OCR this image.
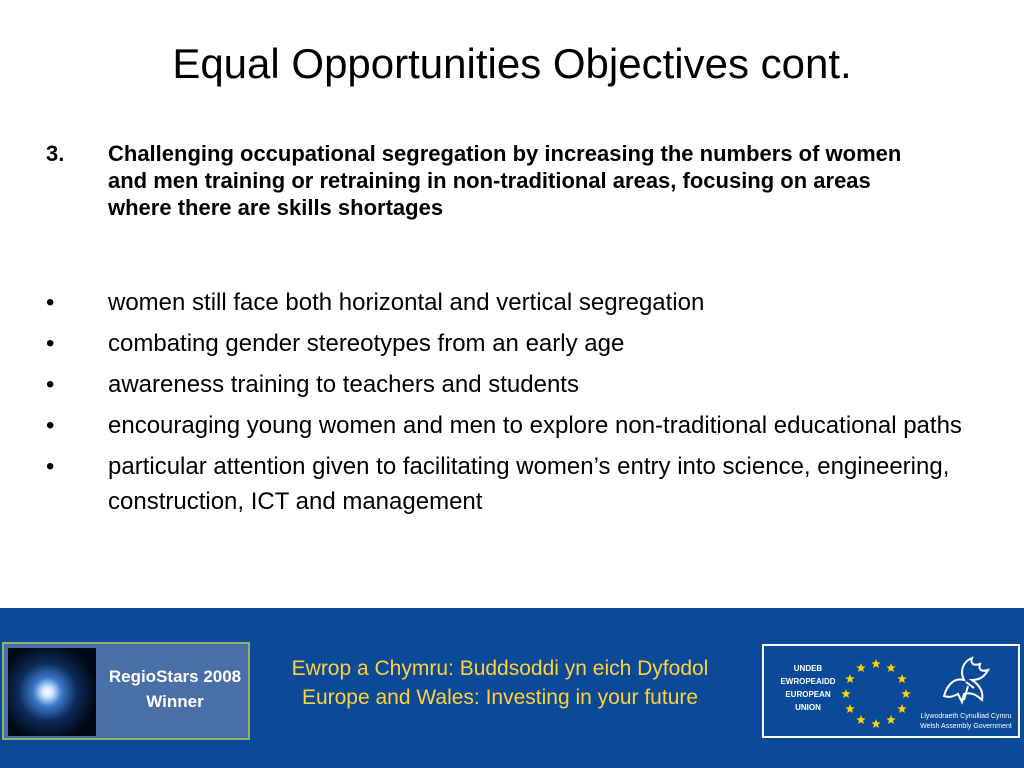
Equal Opportunities Objectives cont.
3. Challenging occupational segregation by increasing the numbers of women and men training or retraining in non-traditional areas, focusing on areas where there are skills shortages
• women still face both horizontal and vertical segregation
• combating gender stereotypes from an early age
• awareness training to teachers and students
• encouraging young women and men to explore non-traditional educational paths
• particular attention given to facilitating women’s entry into science, engineering, construction, ICT and management
RegioStars 2008
Winner
Ewrop a Chymru: Buddsoddi yn eich Dyfodol
Europe and Wales: Investing in your future
UNDEB
EWROPEAIDD
EUROPEAN
UNION
Llywodraeth Cynulliad Cymru
Welsh Assembly Government
